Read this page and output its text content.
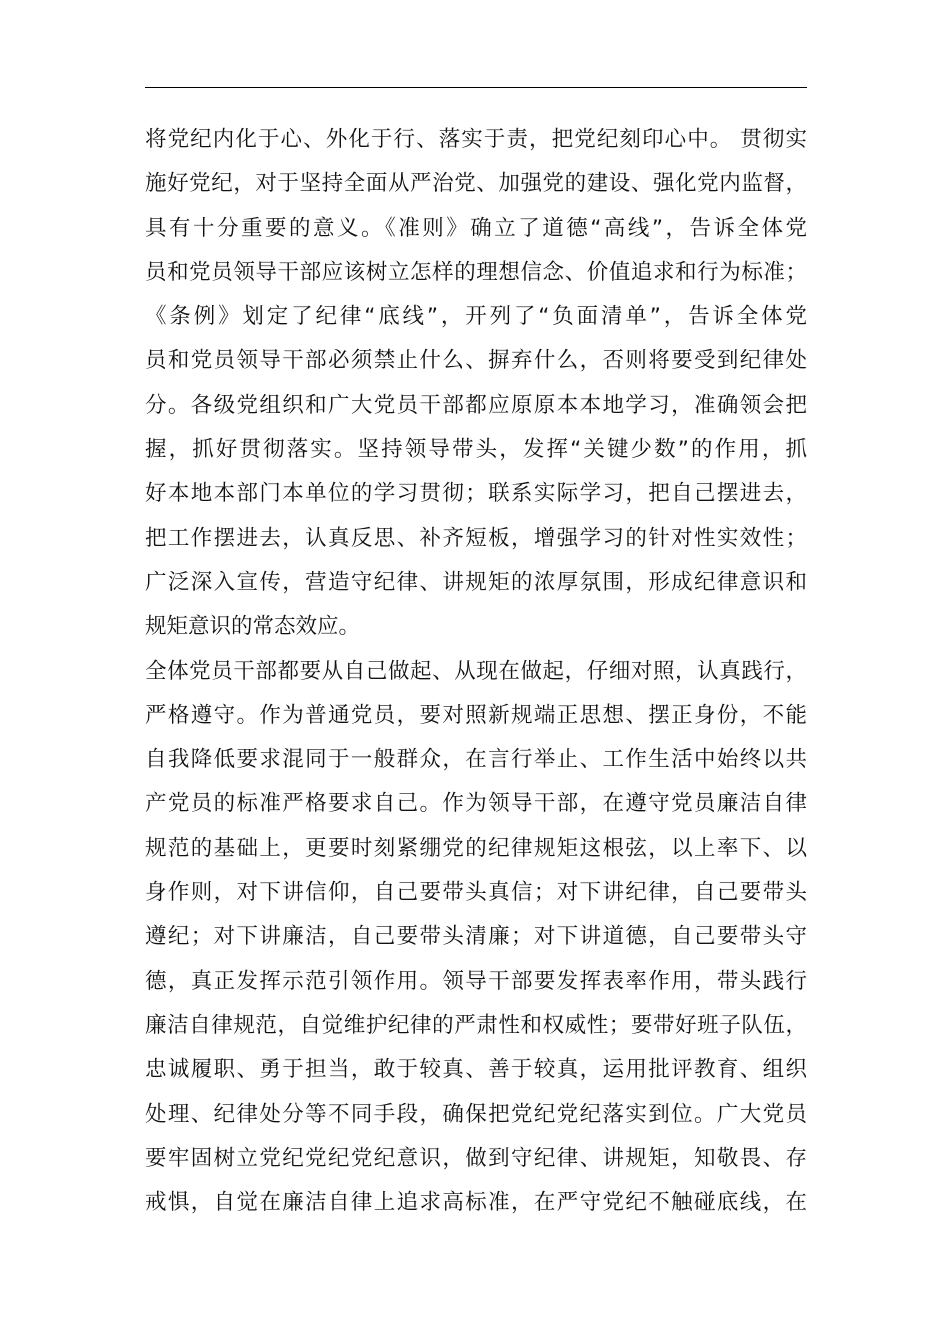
将党纪内化于心、外化于行、落实于责，把党纪刻印心中。 贯彻实
施好党纪，对于坚持全面从严治党、加强党的建设、强化党内监督，
具有十分重要的意义。《准则》确立了道德“高线”，告诉全体党
员和党员领导干部应该树立怎样的理想信念、价值追求和行为标准；
《条例》划定了纪律“底线”，开列了“负面清单”，告诉全体党
员和党员领导干部必须禁止什么、摒弃什么，否则将要受到纪律处
分。各级党组织和广大党员干部都应原原本本地学习，准确领会把
握，抓好贯彻落实。坚持领导带头，发挥“关键少数”的作用，抓
好本地本部门本单位的学习贯彻；联系实际学习，把自己摆进去，
把工作摆进去，认真反思、补齐短板，增强学习的针对性实效性；
广泛深入宣传，营造守纪律、讲规矩的浓厚氛围，形成纪律意识和
规矩意识的常态效应。
全体党员干部都要从自己做起、从现在做起，仔细对照，认真践行，
严格遵守。作为普通党员，要对照新规端正思想、摆正身份，不能
自我降低要求混同于一般群众，在言行举止、工作生活中始终以共
产党员的标准严格要求自己。作为领导干部，在遵守党员廉洁自律
规范的基础上，更要时刻紧绷党的纪律规矩这根弦，以上率下、以
身作则，对下讲信仰，自己要带头真信；对下讲纪律，自己要带头
遵纪；对下讲廉洁，自己要带头清廉；对下讲道德，自己要带头守
德，真正发挥示范引领作用。领导干部要发挥表率作用，带头践行
廉洁自律规范，自觉维护纪律的严肃性和权威性；要带好班子队伍，
忠诚履职、勇于担当，敢于较真、善于较真，运用批评教育、组织
处理、纪律处分等不同手段，确保把党纪党纪落实到位。广大党员
要牢固树立党纪党纪党纪意识，做到守纪律、讲规矩，知敬畏、存
戒惧，自觉在廉洁自律上追求高标准，在严守党纪不触碰底线，在
